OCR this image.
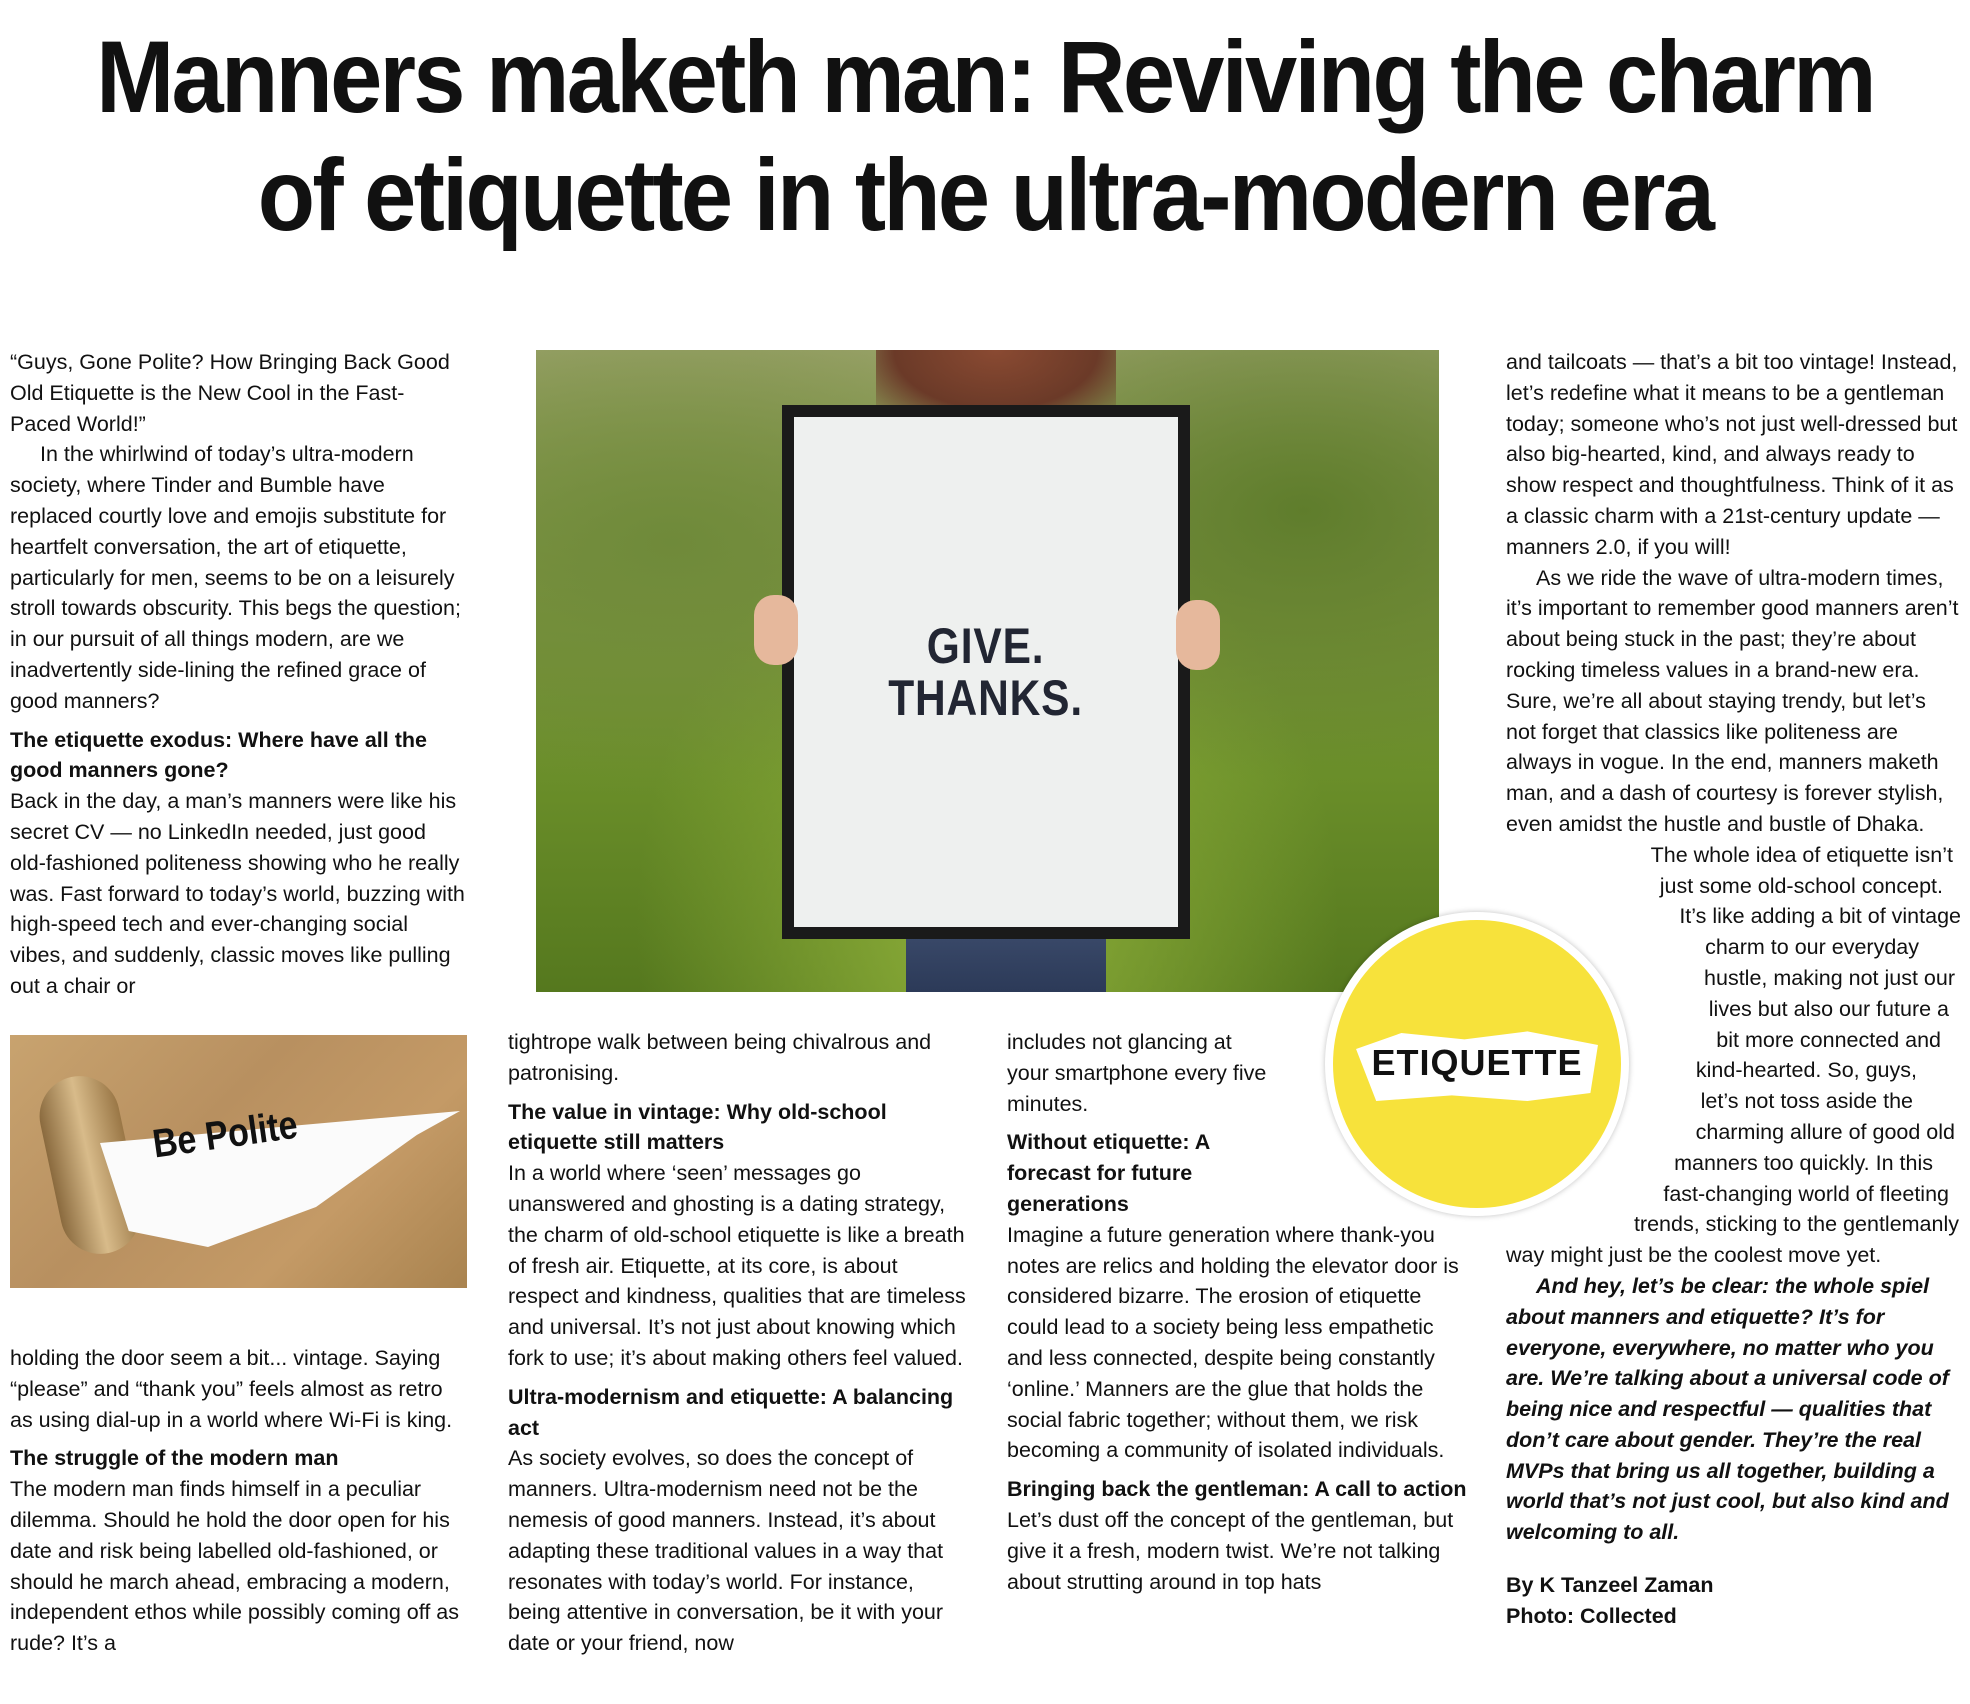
Manners maketh man: Reviving the charm
of etiquette in the ultra-modern era

“Guys, Gone Polite? How Bringing Back Good Old Etiquette is the New Cool in the Fast-Paced World!”

In the whirlwind of today’s ultra-modern society, where Tinder and Bumble have replaced courtly love and emojis substitute for heartfelt conversation, the art of etiquette, particularly for men, seems to be on a leisurely stroll towards obscurity. This begs the question; in our pursuit of all things modern, are we inadvertently side-lining the refined grace of good manners?

The etiquette exodus: Where have all the good manners gone?

Back in the day, a man’s manners were like his secret CV — no LinkedIn needed, just good old-fashioned politeness showing who he really was. Fast forward to today’s world, buzzing with high-speed tech and ever-changing social vibes, and suddenly, classic moves like pulling out a chair or

GIVE.
THANKS.
Be Polite

holding the door seem a bit... vintage. Saying “please” and “thank you” feels almost as retro as using dial-up in a world where Wi-Fi is king.

The struggle of the modern man

The modern man finds himself in a peculiar dilemma. Should he hold the door open for his date and risk being labelled old-fashioned, or should he march ahead, embracing a modern, independent ethos while possibly coming off as rude? It’s a

tightrope walk between being chivalrous and patronising.

The value in vintage: Why old-school etiquette still matters

In a world where ‘seen’ messages go unanswered and ghosting is a dating strategy, the charm of old-school etiquette is like a breath of fresh air. Etiquette, at its core, is about respect and kindness, qualities that are timeless and universal. It’s not just about knowing which fork to use; it’s about making others feel valued.

Ultra-modernism and etiquette: A balancing act

As society evolves, so does the concept of manners. Ultra-modernism need not be the nemesis of good manners. Instead, it’s about adapting these traditional values in a way that resonates with today’s world. For instance, being attentive in conversation, be it with your date or your friend, now

includes not glancing at your smartphone every five minutes.

Without etiquette: A forecast for future generations

Imagine a future generation where thank-you notes are relics and holding the elevator door is considered bizarre. The erosion of etiquette could lead to a society being less empathetic and less connected, despite being constantly ‘online.’ Manners are the glue that holds the social fabric together; without them, we risk becoming a community of isolated individuals.

Bringing back the gentleman: A call to action

Let’s dust off the concept of the gentleman, but give it a fresh, modern twist. We’re not talking about strutting around in top hats

ETIQUETTE

and tailcoats — that’s a bit too vintage! Instead, let’s redefine what it means to be a gentleman today; someone who’s not just well-dressed but also big-hearted, kind, and always ready to show respect and thoughtfulness. Think of it as a classic charm with a 21st-century update — manners 2.0, if you will!

As we ride the wave of ultra-modern times, it’s important to remember good manners aren’t about being stuck in the past; they’re about rocking timeless values in a brand-new era. Sure, we’re all about staying trendy, but let’s not forget that classics like politeness are always in vogue. In the end, manners maketh man, and a dash of courtesy is forever stylish, even amidst the hustle and bustle of Dhaka.

The whole idea of etiquette isn’t
just some old-school concept.
It’s like adding a bit of vintage
charm to our everyday
hustle, making not just our
lives but also our future a
bit more connected and
kind-hearted. So, guys,
let’s not toss aside the
charming allure of good old
manners too quickly. In this
fast-changing world of fleeting
trends, sticking to the gentlemanly
way might just be the coolest move yet.

And hey, let’s be clear: the whole spiel about manners and etiquette? It’s for everyone, everywhere, no matter who you are. We’re talking about a universal code of being nice and respectful — qualities that don’t care about gender. They’re the real MVPs that bring us all together, building a world that’s not just cool, but also kind and welcoming to all.

By K Tanzeel Zaman

Photo: Collected
